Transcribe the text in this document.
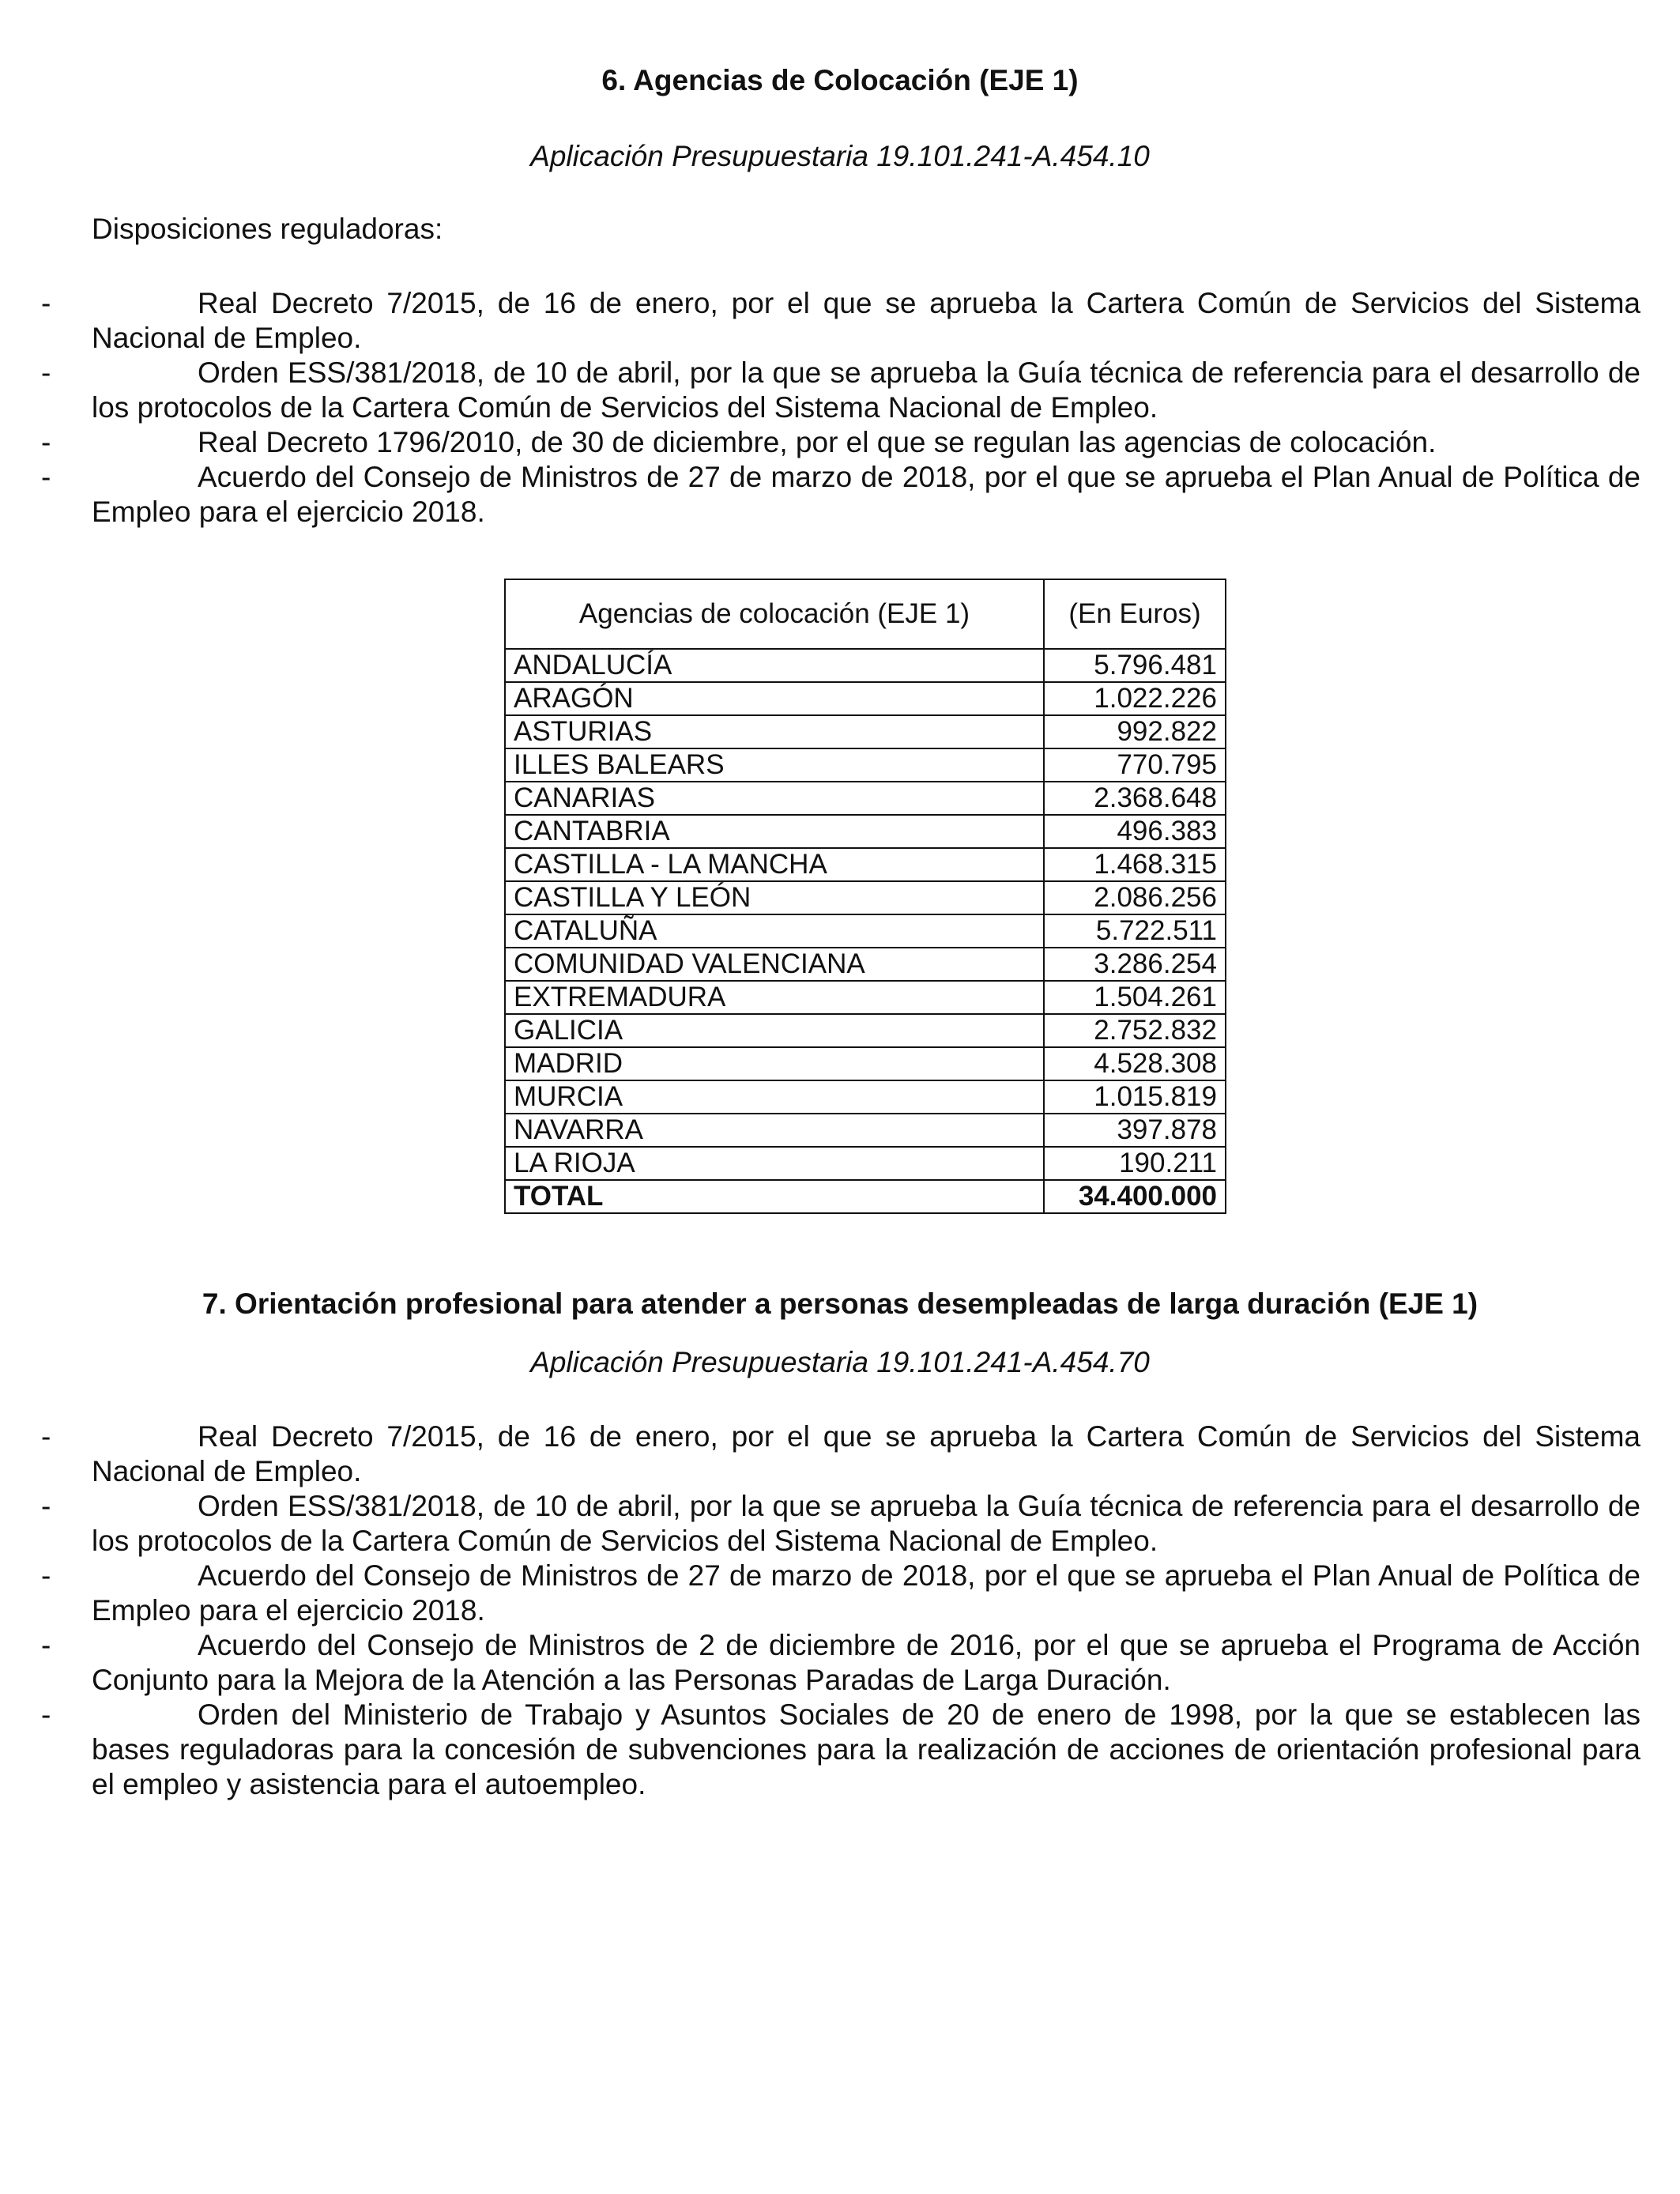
6. Agencias de Colocación (EJE 1)
Aplicación Presupuestaria 19.101.241-A.454.10
Disposiciones reguladoras:
-	Real Decreto 7/2015, de 16 de enero, por el que se aprueba la Cartera Común de Servicios del Sistema Nacional de Empleo.
-	Orden ESS/381/2018, de 10 de abril, por la que se aprueba la Guía técnica de referencia para el desarrollo de los protocolos de la Cartera Común de Servicios del Sistema Nacional de Empleo.
-	Real Decreto 1796/2010, de 30 de diciembre, por el que se regulan las agencias de colocación.
-	Acuerdo del Consejo de Ministros de 27 de marzo de 2018, por el que se aprueba el Plan Anual de Política de Empleo para el ejercicio 2018.
Agencias de colocación (EJE 1)	(En Euros)
ANDALUCÍA	5.796.481
ARAGÓN	1.022.226
ASTURIAS	992.822
ILLES BALEARS	770.795
CANARIAS	2.368.648
CANTABRIA	496.383
CASTILLA - LA MANCHA	1.468.315
CASTILLA Y LEÓN	2.086.256
CATALUÑA	5.722.511
COMUNIDAD VALENCIANA	3.286.254
EXTREMADURA	1.504.261
GALICIA	2.752.832
MADRID	4.528.308
MURCIA	1.015.819
NAVARRA	397.878
LA RIOJA	190.211
TOTAL	34.400.000
7. Orientación profesional para atender a personas desempleadas de larga duración (EJE 1)
Aplicación Presupuestaria 19.101.241-A.454.70
-	Real Decreto 7/2015, de 16 de enero, por el que se aprueba la Cartera Común de Servicios del Sistema Nacional de Empleo.
-	Orden ESS/381/2018, de 10 de abril, por la que se aprueba la Guía técnica de referencia para el desarrollo de los protocolos de la Cartera Común de Servicios del Sistema Nacional de Empleo.
-	Acuerdo del Consejo de Ministros de 27 de marzo de 2018, por el que se aprueba el Plan Anual de Política de Empleo para el ejercicio 2018.
-	Acuerdo del Consejo de Ministros de 2 de diciembre de 2016, por el que se aprueba el Programa de Acción Conjunto para la Mejora de la Atención a las Personas Paradas de Larga Duración.
-	Orden del Ministerio de Trabajo y Asuntos Sociales de 20 de enero de 1998, por la que se establecen las bases reguladoras para la concesión de subvenciones para la realización de acciones de orientación profesional para el empleo y asistencia para el autoempleo.
